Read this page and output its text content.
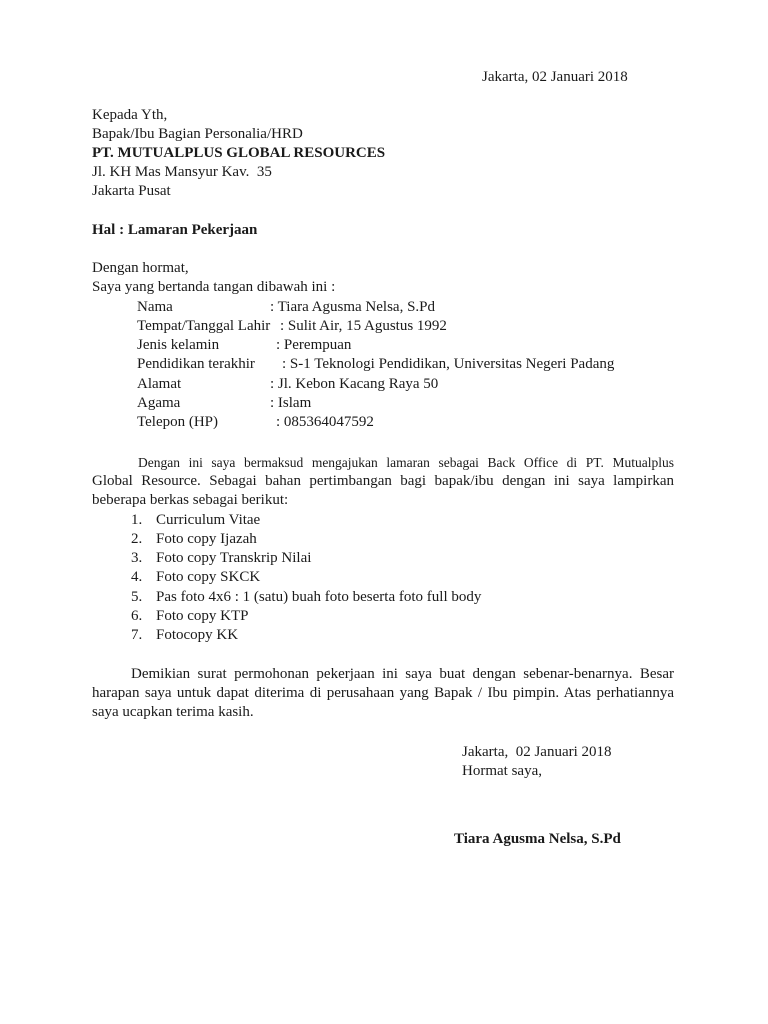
Jakarta, 02 Januari 2018
Kepada Yth,
Bapak/Ibu Bagian Personalia/HRD
PT. MUTUALPLUS GLOBAL RESOURCES
Jl. KH Mas Mansyur Kav.  35
Jakarta Pusat
Hal : Lamaran Pekerjaan
Dengan hormat,
Saya yang bertanda tangan dibawah ini :
Nama	: Tiara Agusma Nelsa, S.Pd
Tempat/Tanggal Lahir : Sulit Air, 15 Agustus 1992
Jenis kelamin	: Perempuan
Pendidikan terakhir : S-1 Teknologi Pendidikan, Universitas Negeri Padang
Alamat	: Jl. Kebon Kacang Raya 50
Agama	: Islam
Telepon (HP)	: 085364047592
Dengan ini saya bermaksud mengajukan lamaran sebagai Back Office di PT. Mutualplus
Global Resource. Sebagai bahan pertimbangan bagi bapak/ibu dengan ini saya lampirkan beberapa berkas sebagai berikut:
1. Curriculum Vitae
2. Foto copy Ijazah
3. Foto copy Transkrip Nilai
4. Foto copy SKCK
5. Pas foto 4x6 : 1 (satu) buah foto beserta foto full body
6. Foto copy KTP
7. Fotocopy KK
Demikian surat permohonan pekerjaan ini saya buat dengan sebenar-benarnya. Besar
harapan saya untuk dapat diterima di perusahaan yang Bapak / Ibu pimpin. Atas perhatiannya saya ucapkan terima kasih.
Jakarta,  02 Januari 2018
Hormat saya,
Tiara Agusma Nelsa, S.Pd
